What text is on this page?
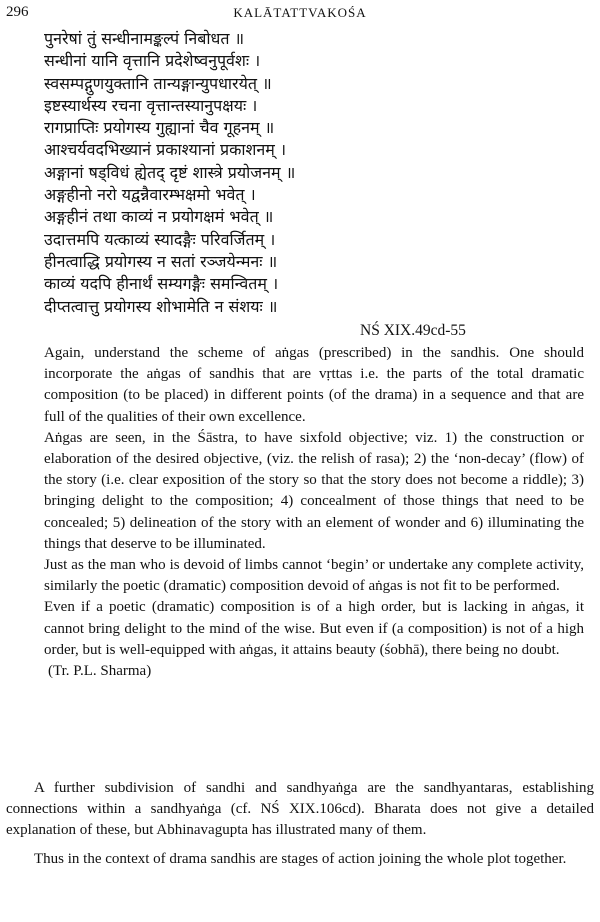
296	KALĀTATTVAKOŚA
पुनरेषां तुं सन्धीनामङ्कल्पं निबोधत ॥
सन्धीनां यानि वृत्तानि प्रदेशेष्वनुपूर्वशः ।
स्वसम्पद्गुणयुक्तानि तान्यङ्गान्युपधारयेत् ॥
इष्टस्यार्थस्य रचना वृत्तान्तस्यानुपक्षयः ।
रागप्राप्तिः प्रयोगस्य गुह्यानां चैव गूहनम् ॥
आश्चर्यवदभिख्यानं प्रकाश्यानां प्रकाशनम् ।
अङ्गानां षड्विधं ह्येतद् दृष्टं शास्त्रे प्रयोजनम् ॥
अङ्गहीनो नरो यद्वन्नैवारम्भक्षमो भवेत् ।
अङ्गहीनं तथा काव्यं न प्रयोगक्षमं भवेत् ॥
उदात्तमपि यत्काव्यं स्यादङ्गैः परिवर्जितम् ।
हीनत्वाद्धि प्रयोगस्य न सतां रञ्जयेन्मनः ॥
काव्यं यदपि हीनार्थं सम्यगङ्गैः समन्वितम् ।
दीप्तत्वात्तु प्रयोगस्य शोभामेति न संशयः ॥
NŚ XIX.49cd-55

Again, understand the scheme of aṅgas (prescribed) in the sandhis. One should incorporate the aṅgas of sandhis that are vṛttas i.e. the parts of the total dramatic composition (to be placed) in different points (of the drama) in a sequence and that are full of the qualities of their own excellence.

Aṅgas are seen, in the Śāstra, to have sixfold objective; viz. 1) the construction or elaboration of the desired objective, (viz. the relish of rasa); 2) the ‘non-decay’ (flow) of the story (i.e. clear exposition of the story so that the story does not become a riddle); 3) bringing delight to the composition; 4) concealment of those things that need to be concealed; 5) delineation of the story with an element of wonder and 6) illuminating the things that deserve to be illuminated.

Just as the man who is devoid of limbs cannot ‘begin’ or undertake any complete activity, similarly the poetic (dramatic) composition devoid of aṅgas is not fit to be performed.

Even if a poetic (dramatic) composition is of a high order, but is lacking in aṅgas, it cannot bring delight to the mind of the wise. But even if (a composition) is not of a high order, but is well-equipped with aṅgas, it attains beauty (śobhā), there being no doubt.

(Tr. P.L. Sharma)

A further subdivision of sandhi and sandhyaṅga are the sandhyantaras, establishing connections within a sandhyaṅga (cf. NŚ XIX.106cd). Bharata does not give a detailed explanation of these, but Abhinavagupta has illustrated many of them.

Thus in the context of drama sandhis are stages of action joining the whole plot together.
